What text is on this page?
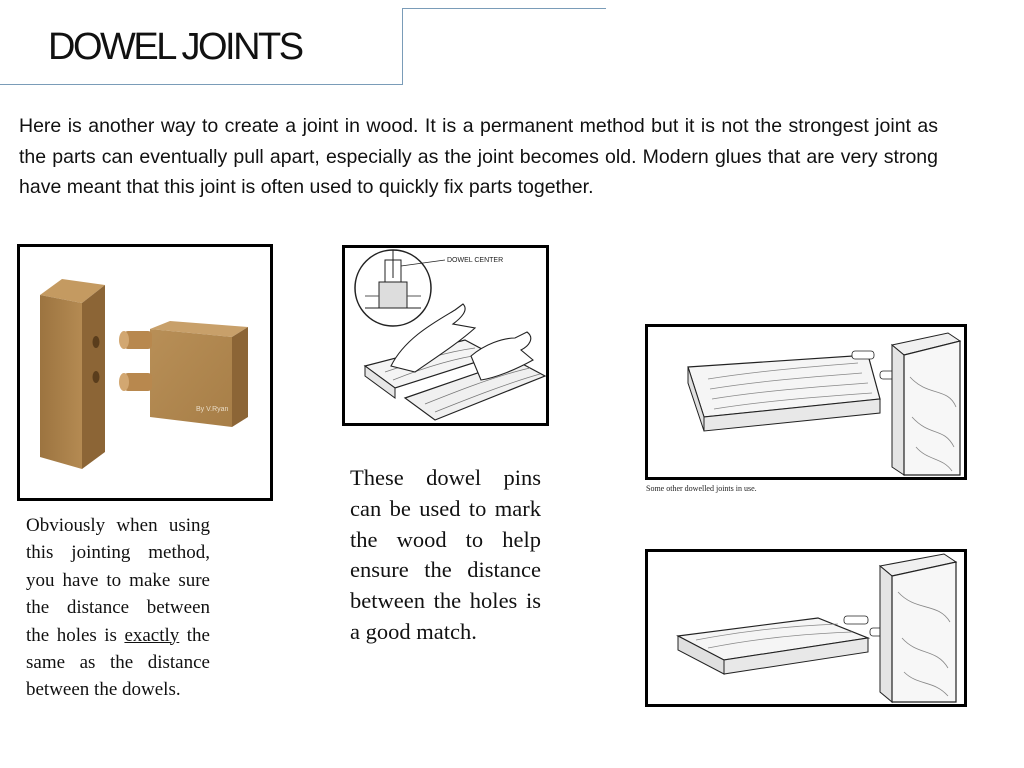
DOWEL JOINTS

Here is another way to create a joint in wood. It is a permanent method but it is not the strongest joint as the parts can eventually pull apart, especially as the joint becomes old. Modern glues that are very strong have meant that this joint is often used to quickly fix parts together.

By V.Ryan
DOWEL CENTER
Some other dowelled joints in use.

Obviously when using this jointing method, you have to make sure the distance between the holes is exactly the same as the distance between the dowels.

These dowel pins can be used to mark the wood to help ensure the distance between the holes is a good match.
